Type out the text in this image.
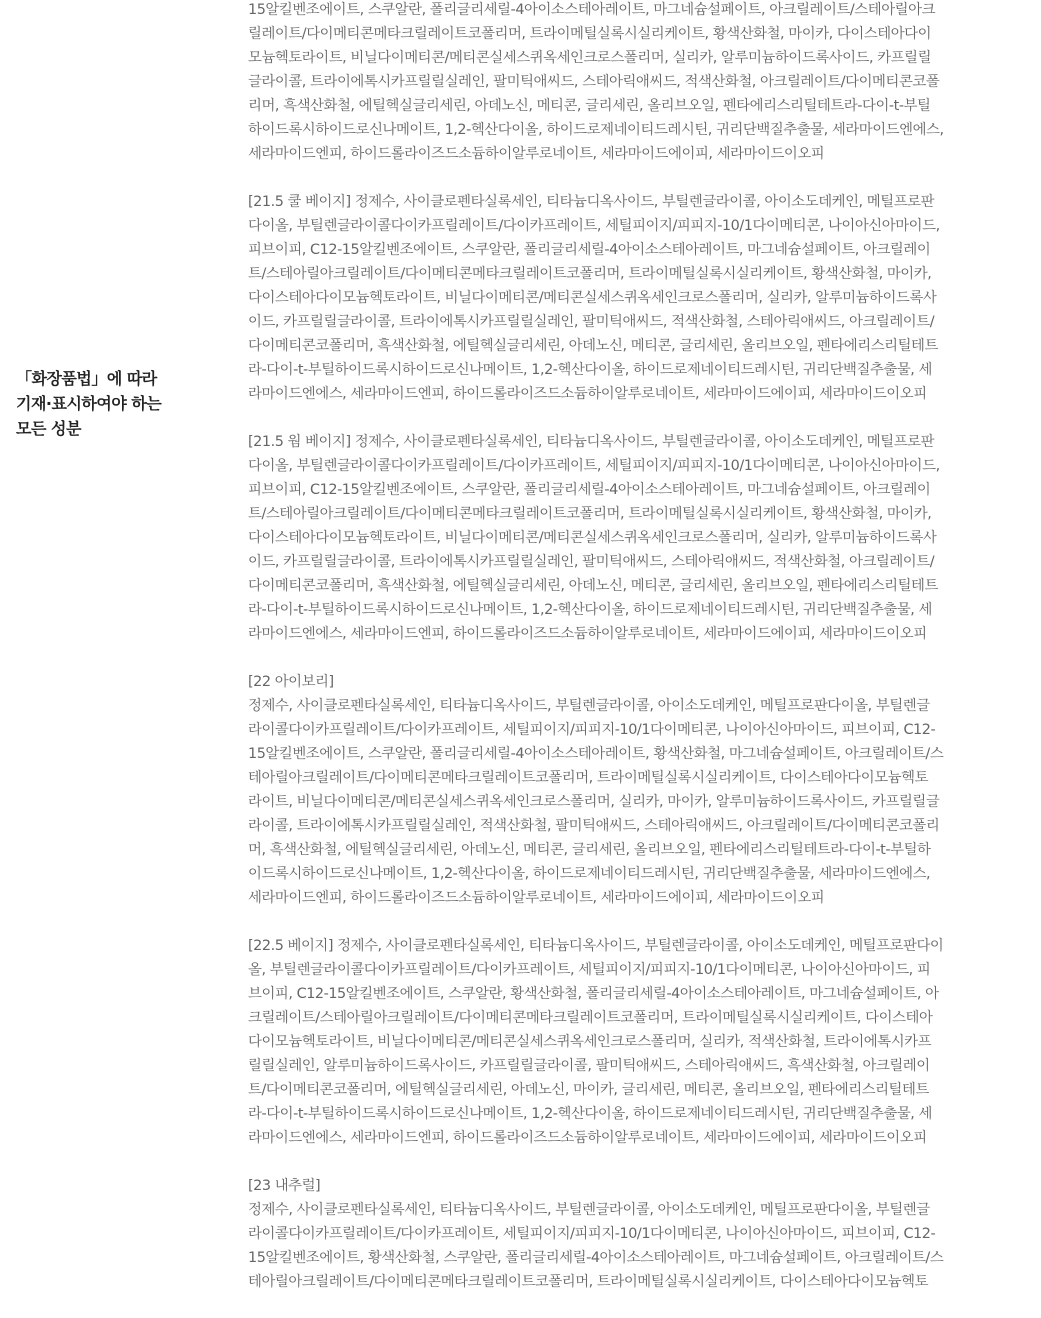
「화장품법」에 따라
기재·표시하여야 하는
모든 성분
15알킬벤조에이트, 스쿠알란, 폴리글리세릴-4아이소스테아레이트, 마그네슘설페이트, 아크릴레이트/스테아릴아크
릴레이트/다이메티콘메타크릴레이트코폴리머, 트라이메틸실록시실리케이트, 황색산화철, 마이카, 다이스테아다이
모늄헥토라이트, 비닐다이메티콘/메티콘실세스퀴옥세인크로스폴리머, 실리카, 알루미늄하이드록사이드, 카프릴릴
글라이콜, 트라이에톡시카프릴릴실레인, 팔미틱애씨드, 스테아릭애씨드, 적색산화철, 아크릴레이트/다이메티콘코폴
리머, 흑색산화철, 에틸헥실글리세린, 아데노신, 메티콘, 글리세린, 올리브오일, 펜타에리스리틸테트라-다이-t-부틸
하이드록시하이드로신나메이트, 1,2-헥산다이올, 하이드로제네이티드레시틴, 귀리단백질추출물, 세라마이드엔에스,
세라마이드엔피, 하이드롤라이즈드소듐하이알루로네이트, 세라마이드에이피, 세라마이드이오피
[21.5 쿨 베이지] 정제수, 사이클로펜타실록세인, 티타늄디옥사이드, 부틸렌글라이콜, 아이소도데케인, 메틸프로판
다이올, 부틸렌글라이콜다이카프릴레이트/다이카프레이트, 세틸피이지/피피지-10/1다이메티콘, 나이아신아마이드,
피브이피, C12-15알킬벤조에이트, 스쿠알란, 폴리글리세릴-4아이소스테아레이트, 마그네슘설페이트, 아크릴레이
트/스테아릴아크릴레이트/다이메티콘메타크릴레이트코폴리머, 트라이메틸실록시실리케이트, 황색산화철, 마이카,
다이스테아다이모늄헥토라이트, 비닐다이메티콘/메티콘실세스퀴옥세인크로스폴리머, 실리카, 알루미늄하이드록사
이드, 카프릴릴글라이콜, 트라이에톡시카프릴릴실레인, 팔미틱애씨드, 적색산화철, 스테아릭애씨드, 아크릴레이트/
다이메티콘코폴리머, 흑색산화철, 에틸헥실글리세린, 아데노신, 메티콘, 글리세린, 올리브오일, 펜타에리스리틸테트
라-다이-t-부틸하이드록시하이드로신나메이트, 1,2-헥산다이올, 하이드로제네이티드레시틴, 귀리단백질추출물, 세
라마이드엔에스, 세라마이드엔피, 하이드롤라이즈드소듐하이알루로네이트, 세라마이드에이피, 세라마이드이오피
[21.5 웜 베이지] 정제수, 사이클로펜타실록세인, 티타늄디옥사이드, 부틸렌글라이콜, 아이소도데케인, 메틸프로판
다이올, 부틸렌글라이콜다이카프릴레이트/다이카프레이트, 세틸피이지/피피지-10/1다이메티콘, 나이아신아마이드,
피브이피, C12-15알킬벤조에이트, 스쿠알란, 폴리글리세릴-4아이소스테아레이트, 마그네슘설페이트, 아크릴레이
트/스테아릴아크릴레이트/다이메티콘메타크릴레이트코폴리머, 트라이메틸실록시실리케이트, 황색산화철, 마이카,
다이스테아다이모늄헥토라이트, 비닐다이메티콘/메티콘실세스퀴옥세인크로스폴리머, 실리카, 알루미늄하이드록사
이드, 카프릴릴글라이콜, 트라이에톡시카프릴릴실레인, 팔미틱애씨드, 스테아릭애씨드, 적색산화철, 아크릴레이트/
다이메티콘코폴리머, 흑색산화철, 에틸헥실글리세린, 아데노신, 메티콘, 글리세린, 올리브오일, 펜타에리스리틸테트
라-다이-t-부틸하이드록시하이드로신나메이트, 1,2-헥산다이올, 하이드로제네이티드레시틴, 귀리단백질추출물, 세
라마이드엔에스, 세라마이드엔피, 하이드롤라이즈드소듐하이알루로네이트, 세라마이드에이피, 세라마이드이오피
[22 아이보리]
정제수, 사이클로펜타실록세인, 티타늄디옥사이드, 부틸렌글라이콜, 아이소도데케인, 메틸프로판다이올, 부틸렌글
라이콜다이카프릴레이트/다이카프레이트, 세틸피이지/피피지-10/1다이메티콘, 나이아신아마이드, 피브이피, C12-
15알킬벤조에이트, 스쿠알란, 폴리글리세릴-4아이소스테아레이트, 황색산화철, 마그네슘설페이트, 아크릴레이트/스
테아릴아크릴레이트/다이메티콘메타크릴레이트코폴리머, 트라이메틸실록시실리케이트, 다이스테아다이모늄헥토
라이트, 비닐다이메티콘/메티콘실세스퀴옥세인크로스폴리머, 실리카, 마이카, 알루미늄하이드록사이드, 카프릴릴글
라이콜, 트라이에톡시카프릴릴실레인, 적색산화철, 팔미틱애씨드, 스테아릭애씨드, 아크릴레이트/다이메티콘코폴리
머, 흑색산화철, 에틸헥실글리세린, 아데노신, 메티콘, 글리세린, 올리브오일, 펜타에리스리틸테트라-다이-t-부틸하
이드록시하이드로신나메이트, 1,2-헥산다이올, 하이드로제네이티드레시틴, 귀리단백질추출물, 세라마이드엔에스,
세라마이드엔피, 하이드롤라이즈드소듐하이알루로네이트, 세라마이드에이피, 세라마이드이오피
[22.5 베이지] 정제수, 사이클로펜타실록세인, 티타늄디옥사이드, 부틸렌글라이콜, 아이소도데케인, 메틸프로판다이
올, 부틸렌글라이콜다이카프릴레이트/다이카프레이트, 세틸피이지/피피지-10/1다이메티콘, 나이아신아마이드, 피
브이피, C12-15알킬벤조에이트, 스쿠알란, 황색산화철, 폴리글리세릴-4아이소스테아레이트, 마그네슘설페이트, 아
크릴레이트/스테아릴아크릴레이트/다이메티콘메타크릴레이트코폴리머, 트라이메틸실록시실리케이트, 다이스테아
다이모늄헥토라이트, 비닐다이메티콘/메티콘실세스퀴옥세인크로스폴리머, 실리카, 적색산화철, 트라이에톡시카프
릴릴실레인, 알루미늄하이드록사이드, 카프릴릴글라이콜, 팔미틱애씨드, 스테아릭애씨드, 흑색산화철, 아크릴레이
트/다이메티콘코폴리머, 에틸헥실글리세린, 아데노신, 마이카, 글리세린, 메티콘, 올리브오일, 펜타에리스리틸테트
라-다이-t-부틸하이드록시하이드로신나메이트, 1,2-헥산다이올, 하이드로제네이티드레시틴, 귀리단백질추출물, 세
라마이드엔에스, 세라마이드엔피, 하이드롤라이즈드소듐하이알루로네이트, 세라마이드에이피, 세라마이드이오피
[23 내추럴]
정제수, 사이클로펜타실록세인, 티타늄디옥사이드, 부틸렌글라이콜, 아이소도데케인, 메틸프로판다이올, 부틸렌글
라이콜다이카프릴레이트/다이카프레이트, 세틸피이지/피피지-10/1다이메티콘, 나이아신아마이드, 피브이피, C12-
15알킬벤조에이트, 황색산화철, 스쿠알란, 폴리글리세릴-4아이소스테아레이트, 마그네슘설페이트, 아크릴레이트/스
테아릴아크릴레이트/다이메티콘메타크릴레이트코폴리머, 트라이메틸실록시실리케이트, 다이스테아다이모늄헥토
